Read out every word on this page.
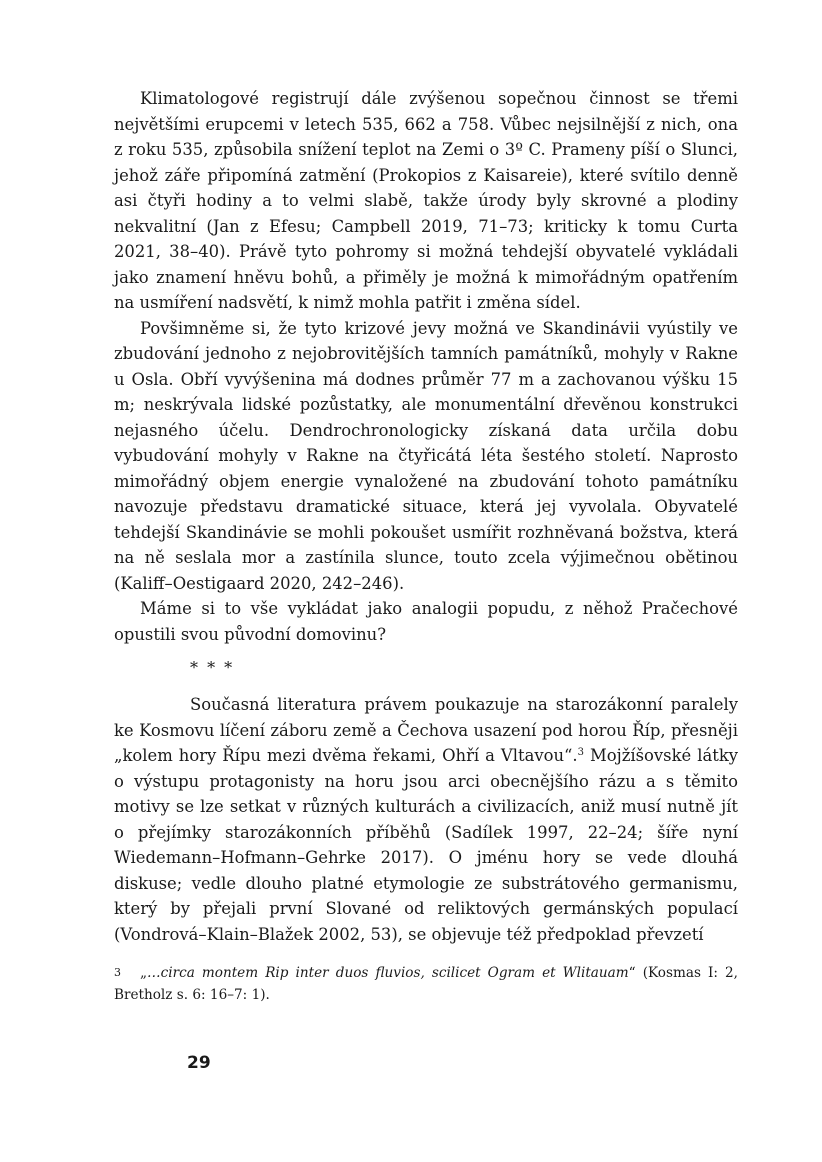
Klimatologové registrují dále zvýšenou sopečnou činnost se třemi největšími erupcemi v letech 535, 662 a 758. Vůbec nejsilnější z nich, ona z roku 535, způsobila snížení teplot na Zemi o 3º C. Prameny píší o Slunci, jehož záře připomíná zatmění (Prokopios z Kaisareie), které svítilo denně asi čtyři hodiny a to velmi slabě, takže úrody byly skrovné a plodiny nekvalitní (Jan z Efesu; Campbell 2019, 71–73; kriticky k tomu Curta 2021, 38–40). Právě tyto pohromy si možná tehdejší obyvatelé vykládali jako znamení hněvu bohů, a přiměly je možná k mimořádným opatřením na usmíření nadsvětí, k nimž mohla patřit i změna sídel.

Povšimněme si, že tyto krizové jevy možná ve Skandinávii vyústily ve zbudování jednoho z nejobrovitějších tamních památníků, mohyly v Rakne u Osla. Obří vyvýšenina má dodnes průměr 77 m a zachovanou výšku 15 m; neskrývala lidské pozůstatky, ale monumentální dřevěnou konstrukci nejasného účelu. Dendrochronologicky získaná data určila dobu vybudování mohyly v Rakne na čtyřicátá léta šestého století. Naprosto mimořádný objem energie vynaložené na zbudování tohoto památníku navozuje představu dramatické situace, která jej vyvolala. Obyvatelé tehdejší Skandinávie se mohli pokoušet usmířit rozhněvaná božstva, která na ně seslala mor a zastínila slunce, touto zcela výjimečnou obětinou (Kaliff–Oestigaard 2020, 242–246).

Máme si to vše vykládat jako analogii popudu, z něhož Pračechové opustili svou původní domovinu?

* * *

Současná literatura právem poukazuje na starozákonní paralely ke Kosmovu líčení záboru země a Čechova usazení pod horou Říp, přesněji „kolem hory Řípu mezi dvěma řekami, Ohří a Vltavou“.$^3$ Mojžíšovské látky o výstupu protagonisty na horu jsou arci obecnějšího rázu a s těmito motivy se lze setkat v různých kulturách a civilizacích, aniž musí nutně jít o přejímky starozákonních příběhů (Sadílek 1997, 22–24; šíře nyní Wiedemann–Hofmann–Gehrke 2017). O jménu hory se vede dlouhá diskuse; vedle dlouho platné etymologie ze substrátového germanismu, který by přejali první Slované od reliktových germánských populací (Vondrová–Klain–Blažek 2002, 53), se objevuje též předpoklad převzetí

3 „…circa montem Rip inter duos fluvios, scilicet Ogram et Wlitauam“ (Kosmas I: 2, Bretholz s. 6: 16–7: 1).

29
